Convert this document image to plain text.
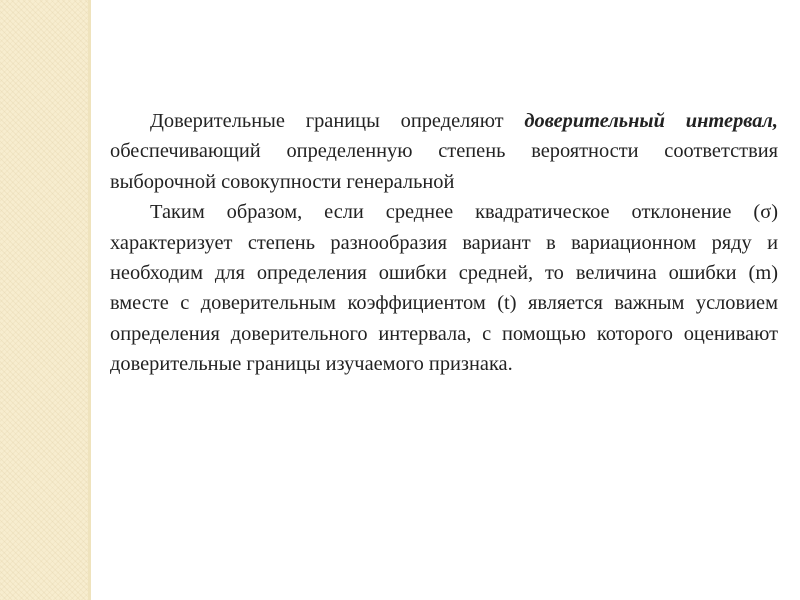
Доверительные границы определяют доверительный интервал, обеспечивающий определенную степень вероятности соответствия выборочной совокупности генеральной

Таким образом, если среднее квадратическое отклонение (σ) характеризует степень разнообразия вариант в вариационном ряду и необходим для определения ошибки средней, то величина ошибки (m) вместе с доверительным коэффициентом (t) является важным условием определения доверительного интервала, с помощью которого оценивают доверительные границы изучаемого признака.
